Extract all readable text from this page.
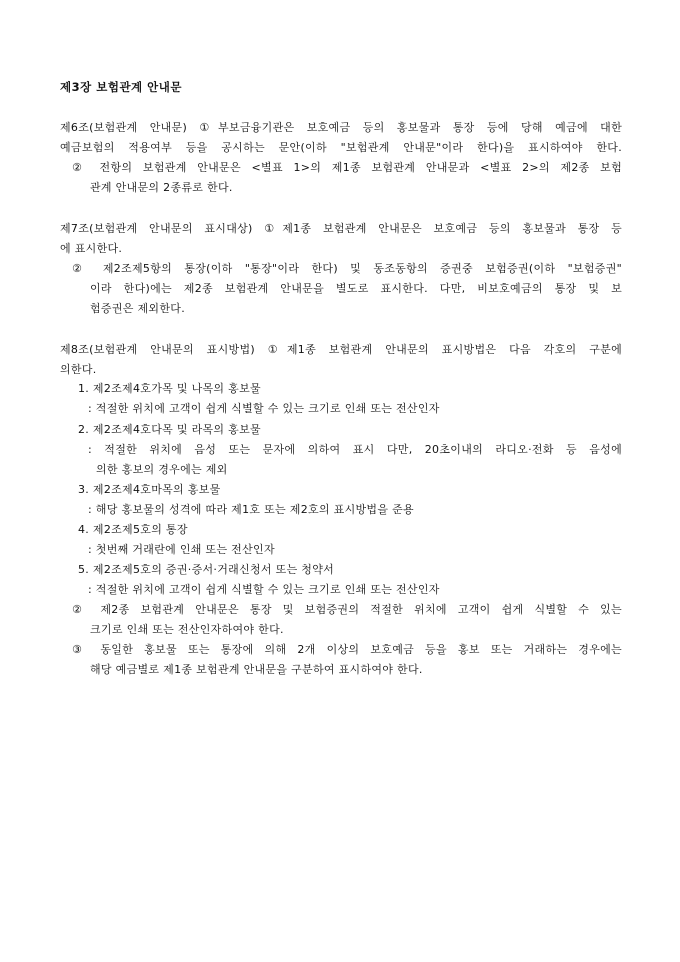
제3장 보험관계 안내문
제6조(보험관계 안내문) ①부보금융기관은 보호예금 등의 홍보물과 통장 등에 당해 예금에 대한
예금보험의 적용여부 등을 공시하는 문안(이하 "보험관계 안내문"이라 한다)을 표시하여야 한다.
② 전항의 보험관계 안내문은 <별표 1>의 제1종 보험관계 안내문과 <별표 2>의 제2종 보험
관계 안내문의 2종류로 한다.
제7조(보험관계 안내문의 표시대상) ①제1종 보험관계 안내문은 보호예금 등의 홍보물과 통장 등
에 표시한다.
② 제2조제5항의 통장(이하 "통장"이라 한다) 및 동조동항의 증권중 보험증권(이하 "보험증권"
이라 한다)에는 제2종 보험관계 안내문을 별도로 표시한다. 다만, 비보호예금의 통장 및 보
험증권은 제외한다.
제8조(보험관계 안내문의 표시방법) ①제1종 보험관계 안내문의 표시방법은 다음 각호의 구분에
의한다.
1. 제2조제4호가목 및 나목의 홍보물
: 적절한 위치에 고객이 쉽게 식별할 수 있는 크기로 인쇄 또는 전산인자
2. 제2조제4호다목 및 라목의 홍보물
: 적절한 위치에 음성 또는 문자에 의하여 표시 다만, 20초이내의 라디오·전화 등 음성에
의한 홍보의 경우에는 제외
3. 제2조제4호마목의 홍보물
: 해당 홍보물의 성격에 따라 제1호 또는 제2호의 표시방법을 준용
4. 제2조제5호의 통장
: 첫번째 거래란에 인쇄 또는 전산인자
5. 제2조제5호의 증권·증서·거래신청서 또는 청약서
: 적절한 위치에 고객이 쉽게 식별할 수 있는 크기로 인쇄 또는 전산인자
② 제2종 보험관계 안내문은 통장 및 보험증권의 적절한 위치에 고객이 쉽게 식별할 수 있는
크기로 인쇄 또는 전산인자하여야 한다.
③ 동일한 홍보물 또는 통장에 의해 2개 이상의 보호예금 등을 홍보 또는 거래하는 경우에는
해당 예금별로 제1종 보험관계 안내문을 구분하여 표시하여야 한다.
